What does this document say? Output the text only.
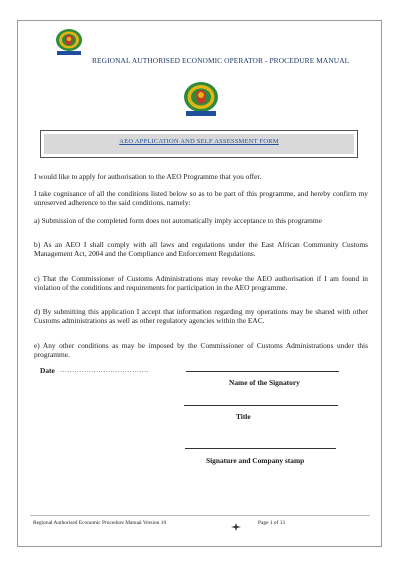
REGIONAL AUTHORISED ECONOMIC OPERATOR - PROCEDURE MANUAL
AEO APPLICATION AND SELF ASSESSMENT FORM

I would like to apply for authorisation to the AEO Programme that you offer.

I take cognisance of all the conditions listed below so as to be part of this programme, and hereby confirm my unreserved adherence to the said conditions, namely:

a) Submission of the completed form does not automatically imply acceptance to this programme

b) As an AEO I shall comply with all laws and regulations under the East African Community Customs Management Act, 2004 and the Compliance and Enforcement Regulations.

c) That the Commissioner of Customs Administrations may revoke the AEO authorisation if I am found in violation of the conditions and requirements for participation in the AEO programme.

d) By submitting this application I accept that information regarding my operations may be shared with other Customs administrations as well as other regulatory agencies within the EAC.

e) Any other conditions as may be imposed by the Commissioner of Customs Administrations under this programme.

Date ……………………………….
Name of the Signatory
Title
Signature and Company stamp
Regional Authorised Economic Procedure Manual Version 10	Page 1 of 13
